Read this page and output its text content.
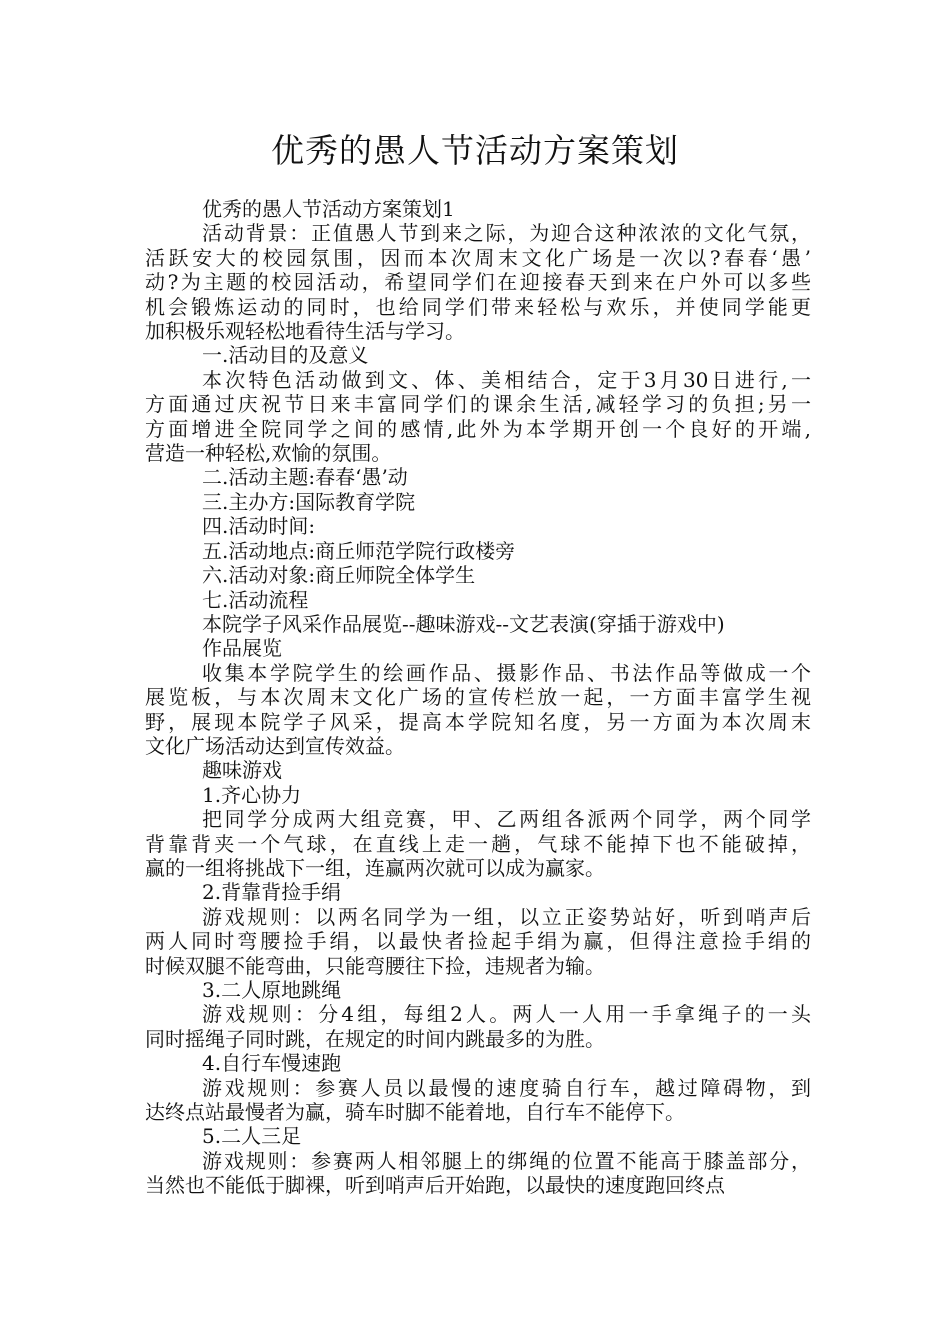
优秀的愚人节活动方案策划
优秀的愚人节活动方案策划1
活动背景：正值愚人节到来之际，为迎合这种浓浓的文化气氛，
活跃安大的校园氛围，因而本次周末文化广场是一次以?春春‘愚’
动?为主题的校园活动，希望同学们在迎接春天到来在户外可以多些
机会锻炼运动的同时，也给同学们带来轻松与欢乐，并使同学能更
加积极乐观轻松地看待生活与学习。
一.活动目的及意义
本次特色活动做到文、体、美相结合，定于3月30日进行,一
方面通过庆祝节日来丰富同学们的课余生活,减轻学习的负担;另一
方面增进全院同学之间的感情,此外为本学期开创一个良好的开端,
营造一种轻松,欢愉的氛围。
二.活动主题:春春‘愚’动
三.主办方:国际教育学院
四.活动时间:
五.活动地点:商丘师范学院行政楼旁
六.活动对象:商丘师院全体学生
七.活动流程
本院学子风采作品展览--趣味游戏--文艺表演(穿插于游戏中)
作品展览
收集本学院学生的绘画作品、摄影作品、书法作品等做成一个
展览板，与本次周末文化广场的宣传栏放一起，一方面丰富学生视
野，展现本院学子风采，提高本学院知名度，另一方面为本次周末
文化广场活动达到宣传效益。
趣味游戏
1.齐心协力
把同学分成两大组竞赛，甲、乙两组各派两个同学，两个同学
背靠背夹一个气球，在直线上走一趟，气球不能掉下也不能破掉，
赢的一组将挑战下一组，连赢两次就可以成为赢家。
2.背靠背捡手绢
游戏规则：以两名同学为一组，以立正姿势站好，听到哨声后
两人同时弯腰捡手绢，以最快者捡起手绢为赢，但得注意捡手绢的
时候双腿不能弯曲，只能弯腰往下捡，违规者为输。
3.二人原地跳绳
游戏规则：分4组，每组2人。两人一人用一手拿绳子的一头
同时摇绳子同时跳，在规定的时间内跳最多的为胜。
4.自行车慢速跑
游戏规则：参赛人员以最慢的速度骑自行车，越过障碍物，到
达终点站最慢者为赢，骑车时脚不能着地，自行车不能停下。
5.二人三足
游戏规则：参赛两人相邻腿上的绑绳的位置不能高于膝盖部分，
当然也不能低于脚裸，听到哨声后开始跑，以最快的速度跑回终点
